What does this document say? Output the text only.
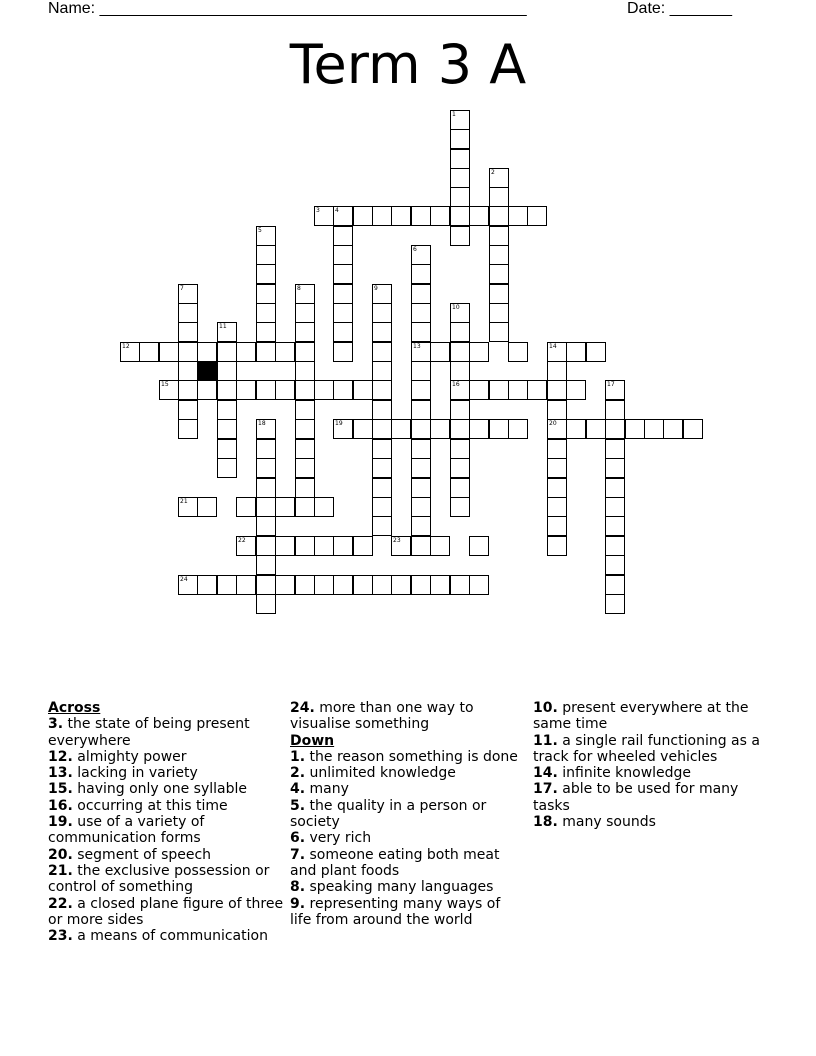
Name: ________________________________________________	Date: _______
Term 3 A
1
2
3	4
5
6
13
7	8	9
10
16
11
12	14
20
15	17
18	19
21
22	23
24
Across
3. the state of being present everywhere
12. almighty power
13. lacking in variety
15. having only one syllable
16. occurring at this time
19. use of a variety of communication forms
20. segment of speech
21. the exclusive possession or control of something
22. a closed plane figure of three or more sides
23. a means of communication
24. more than one way to visualise something
Down
1. the reason something is done
2. unlimited knowledge
4. many
5. the quality in a person or society
6. very rich
7. someone eating both meat and plant foods
8. speaking many languages
9. representing many ways of life from around the world
10. present everywhere at the same time
11. a single rail functioning as a track for wheeled vehicles
14. infinite knowledge
17. able to be used for many tasks
18. many sounds
